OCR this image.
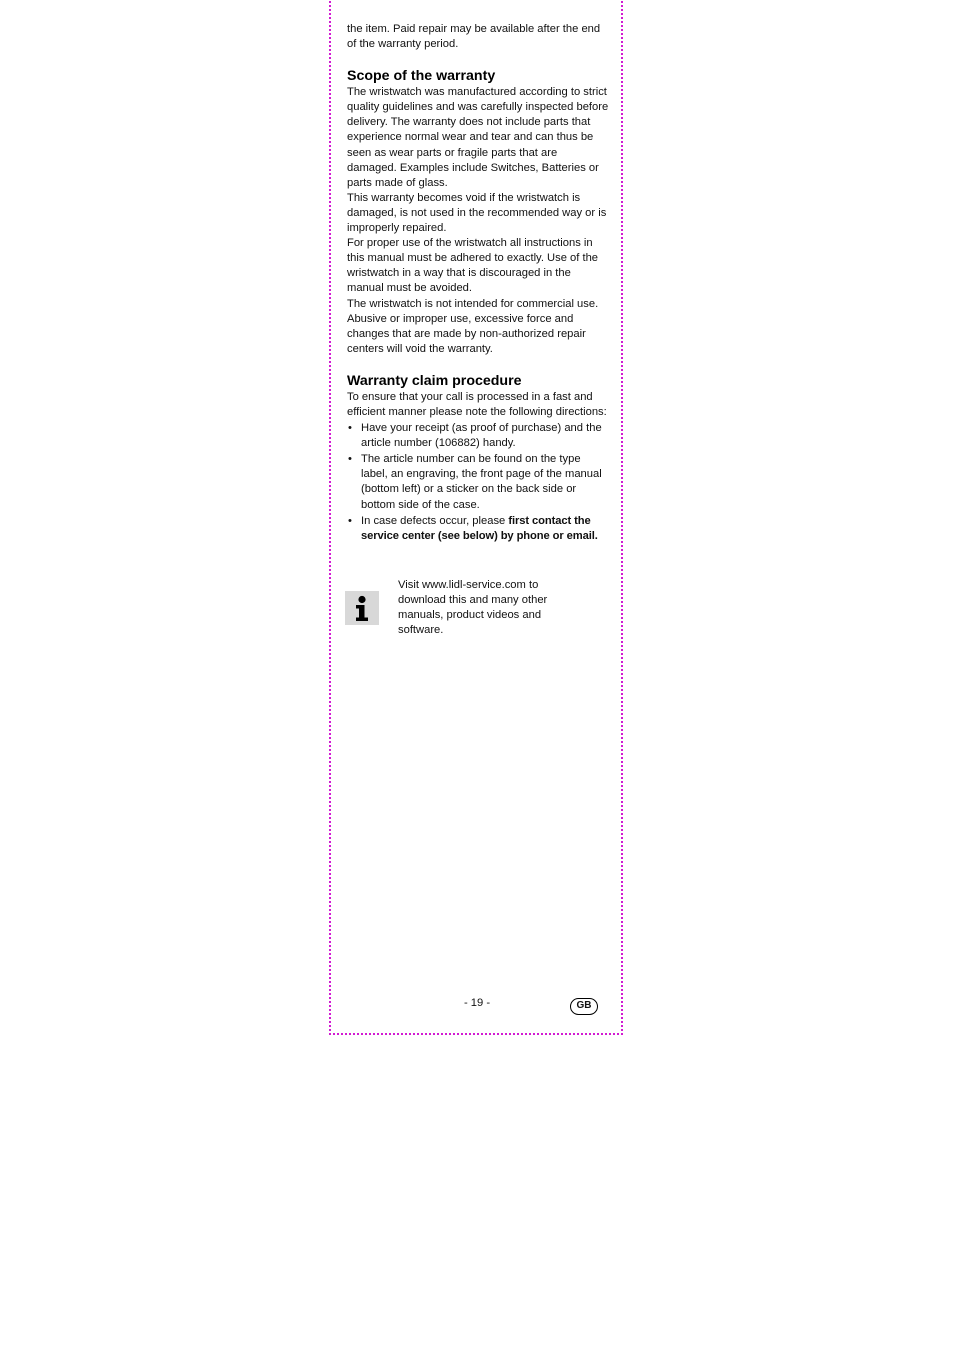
the item. Paid repair may be available after the end of the warranty period.

Scope of the warranty

The wristwatch was manufactured according to strict quality guidelines and was carefully inspected before delivery. The warranty does not include parts that experience normal wear and tear and can thus be seen as wear parts or fragile parts that are damaged. Examples include Switches, Batteries or parts made of glass.

This warranty becomes void if the wristwatch is damaged, is not used in the recommended way or is improperly repaired.

For proper use of the wristwatch all instructions in this manual must be adhered to exactly. Use of the wristwatch in a way that is discouraged in the manual must be avoided.

The wristwatch is not intended for commercial use. Abusive or improper use, excessive force and changes that are made by non-authorized repair centers will void the warranty.

Warranty claim procedure

To ensure that your call is processed in a fast and efficient manner please note the following directions:

• Have your receipt (as proof of purchase) and the article number (106882) handy.
• The article number can be found on the type label, an engraving, the front page of the manual (bottom left) or a sticker on the back side or bottom side of the case.
• In case defects occur, please first contact the service center (see below) by phone or email.

Visit www.lidl-service.com to download this and many other manuals, product videos and software.

- 19 -	GB
